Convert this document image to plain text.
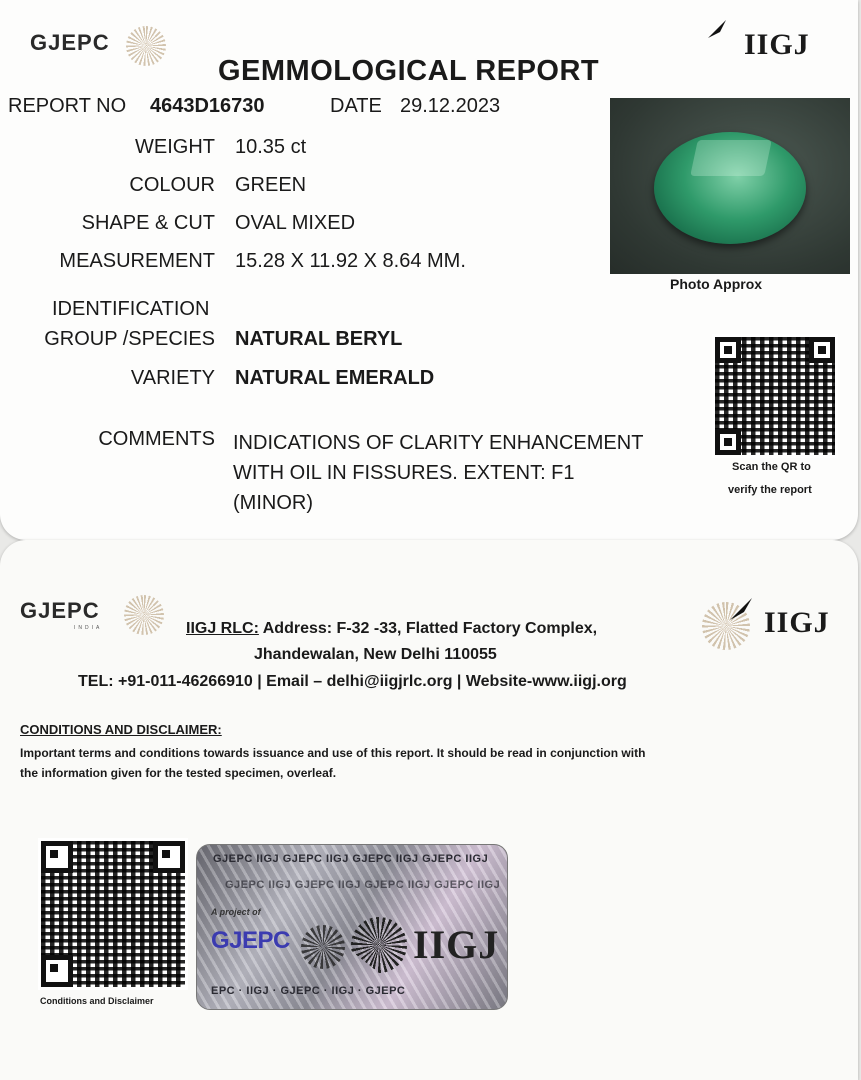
GJEPC	IIGJ
GEMMOLOGICAL REPORT
REPORT NO 4643D16730	DATE 29.12.2023
WEIGHT 10.35 ct
COLOUR GREEN
SHAPE & CUT OVAL MIXED
MEASUREMENT 15.28 X 11.92 X 8.64 MM.
IDENTIFICATION
GROUP /SPECIES NATURAL BERYL
VARIETY NATURAL EMERALD
COMMENTS INDICATIONS OF CLARITY ENHANCEMENT
WITH OIL IN FISSURES. EXTENT: F1
(MINOR)
Photo Approx
Scan the QR to
verify the report
GJEPC
INDIA	IIGJ
IIGJ RLC: Address: F-32 -33, Flatted Factory Complex,
Jhandewalan, New Delhi 110055
TEL: +91-011-46266910 | Email – delhi@iigjrlc.org | Website-www.iigj.org
CONDITIONS AND DISCLAIMER:
Important terms and conditions towards issuance and use of this report. It should be read in conjunction with
the information given for the tested specimen, overleaf.
Conditions and Disclaimer
GJEPC IIGJ GJEPC IIGJ GJEPC IIGJ GJEPC IIGJ
GJEPC IIGJ GJEPC IIGJ GJEPC IIGJ GJEPC IIGJ
A project of
GJEPC	IIGJ
EPC · IIGJ · GJEPC · IIGJ · GJEPC
